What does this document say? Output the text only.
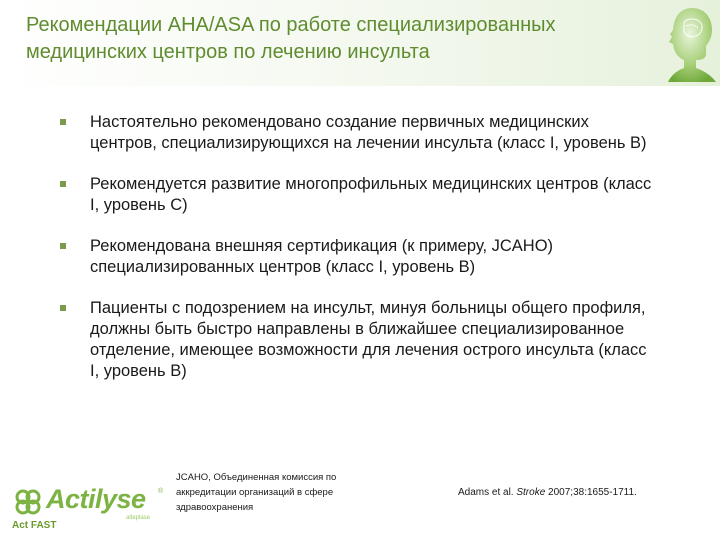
Рекомендации AHA/ASA по работе специализированных медицинских центров по лечению инсульта
Настоятельно рекомендовано создание первичных медицинских центров, специализирующихся на лечении инсульта (класс I, уровень В)
Рекомендуется развитие многопрофильных медицинских центров (класс I, уровень C)
Рекомендована внешняя сертификация (к примеру, JCAHO) специализированных центров (класс I, уровень B)
Пациенты с подозрением на инсульт, минуя больницы общего профиля, должны быть быстро направлены в ближайшее специализированное отделение, имеющее возможности для лечения острого инсульта (класс I, уровень B)
JCAHO, Объединенная комиссия по аккредитации организаций в сфере здравоохранения
Adams et al. Stroke 2007;38:1655-1711.
Actilyse ®
alteplase
Act FAST
